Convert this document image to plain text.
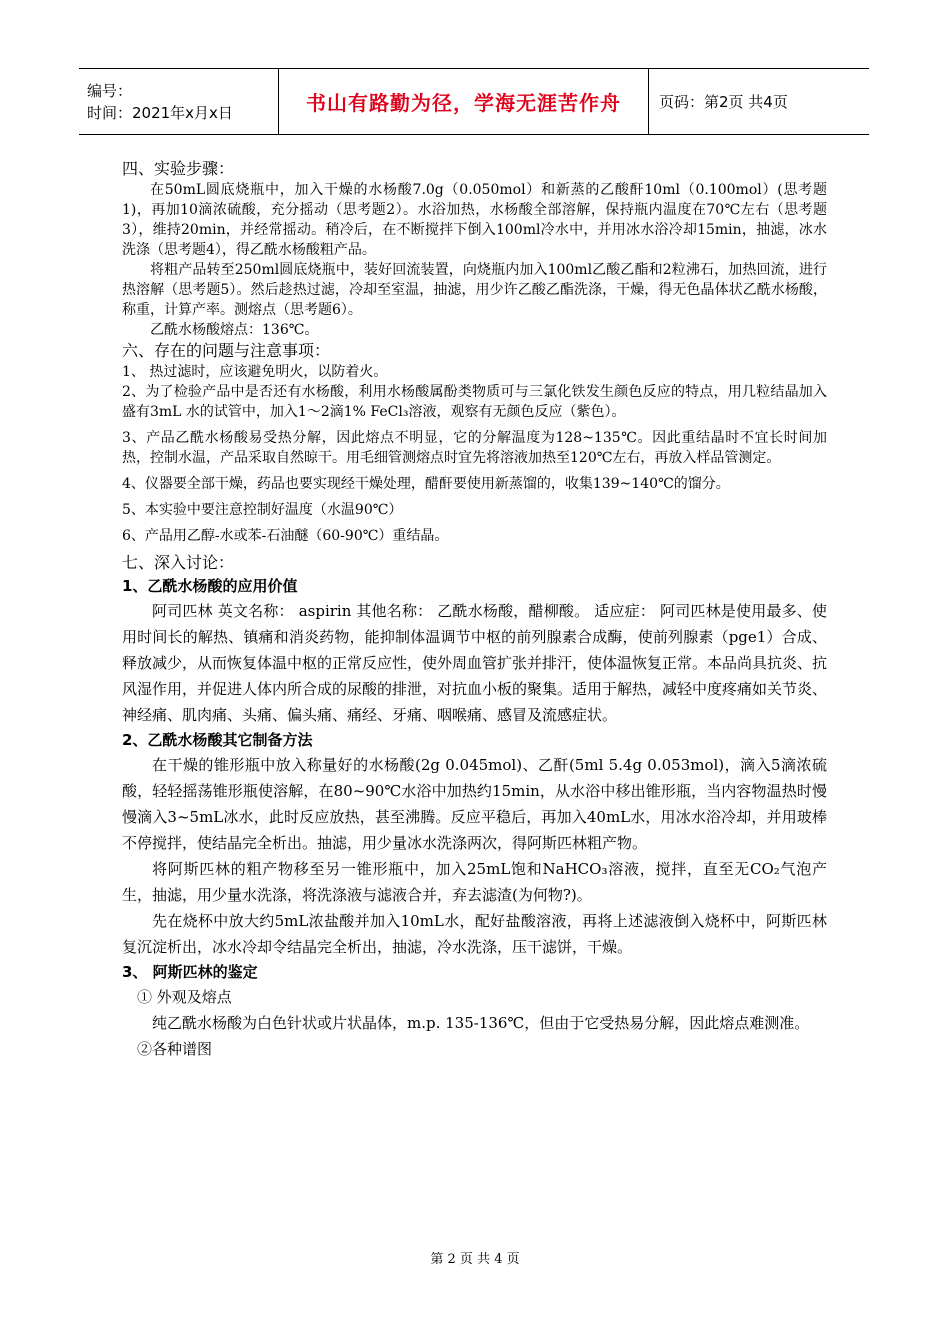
编号：
时间：2021年x月x日	书山有路勤为径，学海无涯苦作舟	页码：第2页 共4页

四、实验步骤：

在50mL圆底烧瓶中，加入干燥的水杨酸7.0g（0.050mol）和新蒸的乙酸酐10ml（0.100mol）(思考题1)，再加10滴浓硫酸，充分摇动（思考题2）。水浴加热，水杨酸全部溶解，保持瓶内温度在70℃左右（思考题3），维持20min，并经常摇动。稍冷后，在不断搅拌下倒入100ml冷水中，并用冰水浴冷却15min，抽滤，冰水洗涤（思考题4），得乙酰水杨酸粗产品。

将粗产品转至250ml圆底烧瓶中，装好回流装置，向烧瓶内加入100ml乙酸乙酯和2粒沸石，加热回流，进行热溶解（思考题5）。然后趁热过滤，冷却至室温，抽滤，用少许乙酸乙酯洗涤，干燥，得无色晶体状乙酰水杨酸，称重，计算产率。测熔点（思考题6）。

乙酰水杨酸熔点：136℃。

六、存在的问题与注意事项：

1、 热过滤时，应该避免明火，以防着火。

2、为了检验产品中是否还有水杨酸，利用水杨酸属酚类物质可与三氯化铁发生颜色反应的特点，用几粒结晶加入盛有3mL 水的试管中，加入1～2滴1% FeCl₃溶液，观察有无颜色反应（紫色）。

3、产品乙酰水杨酸易受热分解，因此熔点不明显，它的分解温度为128~135℃。因此重结晶时不宜长时间加热，控制水温，产品采取自然晾干。用毛细管测熔点时宜先将溶液加热至120℃左右，再放入样品管测定。

4、仪器要全部干燥，药品也要实现经干燥处理，醋酐要使用新蒸馏的，收集139~140℃的馏分。

5、本实验中要注意控制好温度（水温90℃）

6、产品用乙醇-水或苯-石油醚（60-90℃）重结晶。

七、深入讨论：

1、乙酰水杨酸的应用价值

阿司匹林 英文名称： aspirin 其他名称： 乙酰水杨酸，醋柳酸。 适应症： 阿司匹林是使用最多、使用时间长的解热、镇痛和消炎药物，能抑制体温调节中枢的前列腺素合成酶，使前列腺素（pge1）合成、释放减少，从而恢复体温中枢的正常反应性，使外周血管扩张并排汗，使体温恢复正常。本品尚具抗炎、抗风湿作用，并促进人体内所合成的尿酸的排泄，对抗血小板的聚集。适用于解热，减轻中度疼痛如关节炎、神经痛、肌肉痛、头痛、偏头痛、痛经、牙痛、咽喉痛、感冒及流感症状。

2、乙酰水杨酸其它制备方法

在干燥的锥形瓶中放入称量好的水杨酸(2g 0.045mol)、乙酐(5ml 5.4g 0.053mol)，滴入5滴浓硫酸，轻轻摇荡锥形瓶使溶解，在80~90℃水浴中加热约15min，从水浴中移出锥形瓶，当内容物温热时慢慢滴入3~5mL冰水，此时反应放热，甚至沸腾。反应平稳后，再加入40mL水，用冰水浴冷却，并用玻棒不停搅拌，使结晶完全析出。抽滤，用少量冰水洗涤两次，得阿斯匹林粗产物。

将阿斯匹林的粗产物移至另一锥形瓶中，加入25mL饱和NaHCO₃溶液，搅拌，直至无CO₂气泡产生，抽滤，用少量水洗涤，将洗涤液与滤液合并，弃去滤渣(为何物?)。

先在烧杯中放大约5mL浓盐酸并加入10mL水，配好盐酸溶液，再将上述滤液倒入烧杯中，阿斯匹林复沉淀析出，冰水冷却令结晶完全析出，抽滤，冷水洗涤，压干滤饼，干燥。

3、 阿斯匹林的鉴定

① 外观及熔点

纯乙酰水杨酸为白色针状或片状晶体，m.p. 135-136℃，但由于它受热易分解，因此熔点难测准。

②各种谱图

第 2 页 共 4 页
